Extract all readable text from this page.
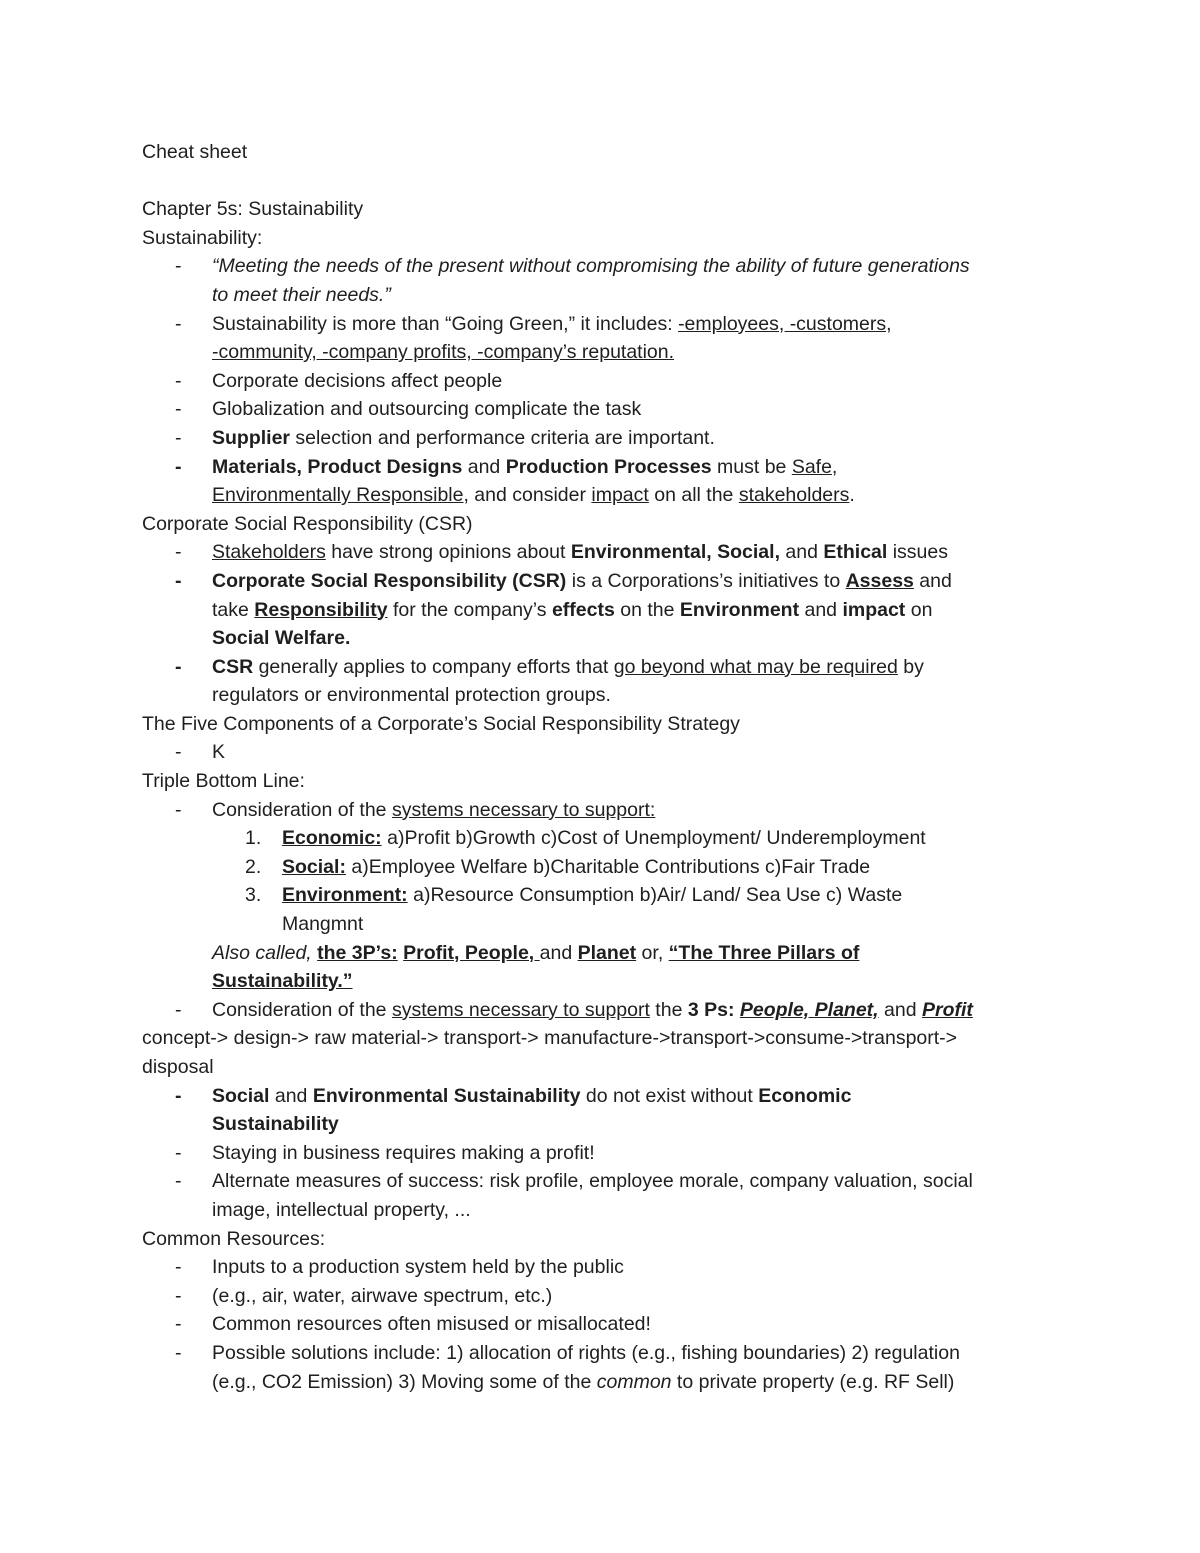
Cheat sheet
Chapter 5s: Sustainability
Sustainability:
- “Meeting the needs of the present without compromising the ability of future generations
to meet their needs.”
- Sustainability is more than “Going Green,” it includes: -employees, -customers,
-community, -company profits, -company’s reputation.
- Corporate decisions affect people
- Globalization and outsourcing complicate the task
- Supplier selection and performance criteria are important.
- Materials, Product Designs and Production Processes must be Safe,
Environmentally Responsible, and consider impact on all the stakeholders.
Corporate Social Responsibility (CSR)
- Stakeholders have strong opinions about Environmental, Social, and Ethical issues
- Corporate Social Responsibility (CSR) is a Corporations’s initiatives to Assess and
take Responsibility for the company’s effects on the Environment and impact on
Social Welfare.
- CSR generally applies to company efforts that go beyond what may be required by
regulators or environmental protection groups.
The Five Components of a Corporate’s Social Responsibility Strategy
- K
Triple Bottom Line:
- Consideration of the systems necessary to support:
1. Economic: a)Profit b)Growth c)Cost of Unemployment/ Underemployment
2. Social: a)Employee Welfare b)Charitable Contributions c)Fair Trade
3. Environment: a)Resource Consumption b)Air/ Land/ Sea Use c) Waste
Mangmnt
Also called, the 3P’s: Profit, People, and Planet or, “The Three Pillars of
Sustainability.”
- Consideration of the systems necessary to support the 3 Ps: People, Planet, and Profit
concept-> design-> raw material-> transport-> manufacture->transport->consume->transport->
disposal
- Social and Environmental Sustainability do not exist without Economic
Sustainability
- Staying in business requires making a profit!
- Alternate measures of success: risk profile, employee morale, company valuation, social
image, intellectual property, ...
Common Resources:
- Inputs to a production system held by the public
- (e.g., air, water, airwave spectrum, etc.)
- Common resources often misused or misallocated!
- Possible solutions include: 1) allocation of rights (e.g., fishing boundaries) 2) regulation
(e.g., CO2 Emission) 3) Moving some of the common to private property (e.g. RF Sell)
